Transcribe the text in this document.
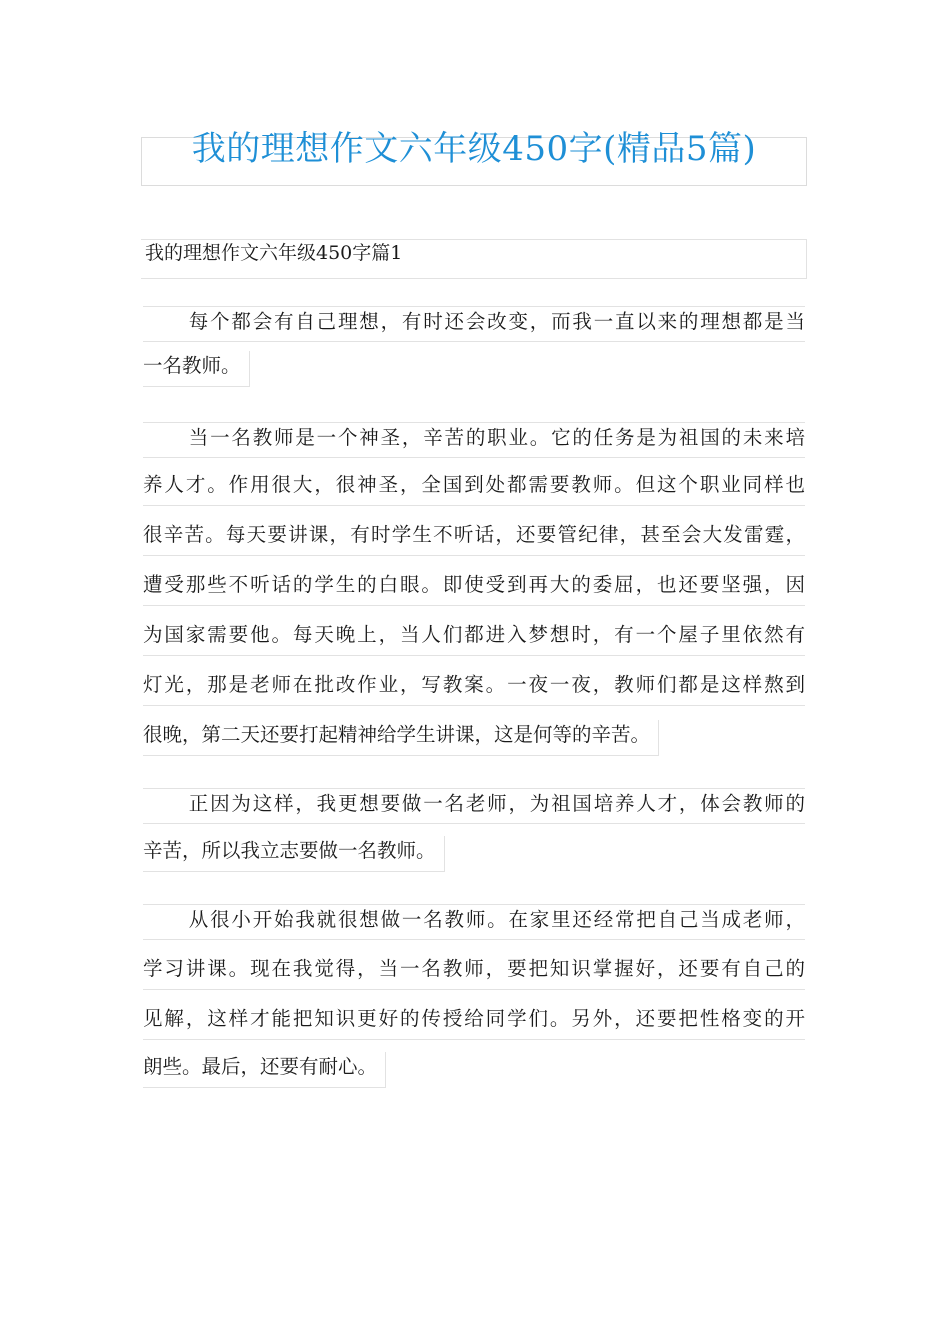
我的理想作文六年级450字(精品5篇)
我的理想作文六年级450字篇1
每个都会有自己理想，有时还会改变，而我一直以来的理想都是当
一名教师。
当一名教师是一个神圣，辛苦的职业。它的任务是为祖国的未来培
养人才。作用很大，很神圣，全国到处都需要教师。但这个职业同样也
很辛苦。每天要讲课，有时学生不听话，还要管纪律，甚至会大发雷霆，
遭受那些不听话的学生的白眼。即使受到再大的委屈，也还要坚强，因
为国家需要他。每天晚上，当人们都进入梦想时，有一个屋子里依然有
灯光，那是老师在批改作业，写教案。一夜一夜，教师们都是这样熬到
很晚，第二天还要打起精神给学生讲课，这是何等的辛苦。
正因为这样，我更想要做一名老师，为祖国培养人才，体会教师的
辛苦，所以我立志要做一名教师。
从很小开始我就很想做一名教师。在家里还经常把自己当成老师，
学习讲课。现在我觉得，当一名教师，要把知识掌握好，还要有自己的
见解，这样才能把知识更好的传授给同学们。另外，还要把性格变的开
朗些。最后，还要有耐心。
